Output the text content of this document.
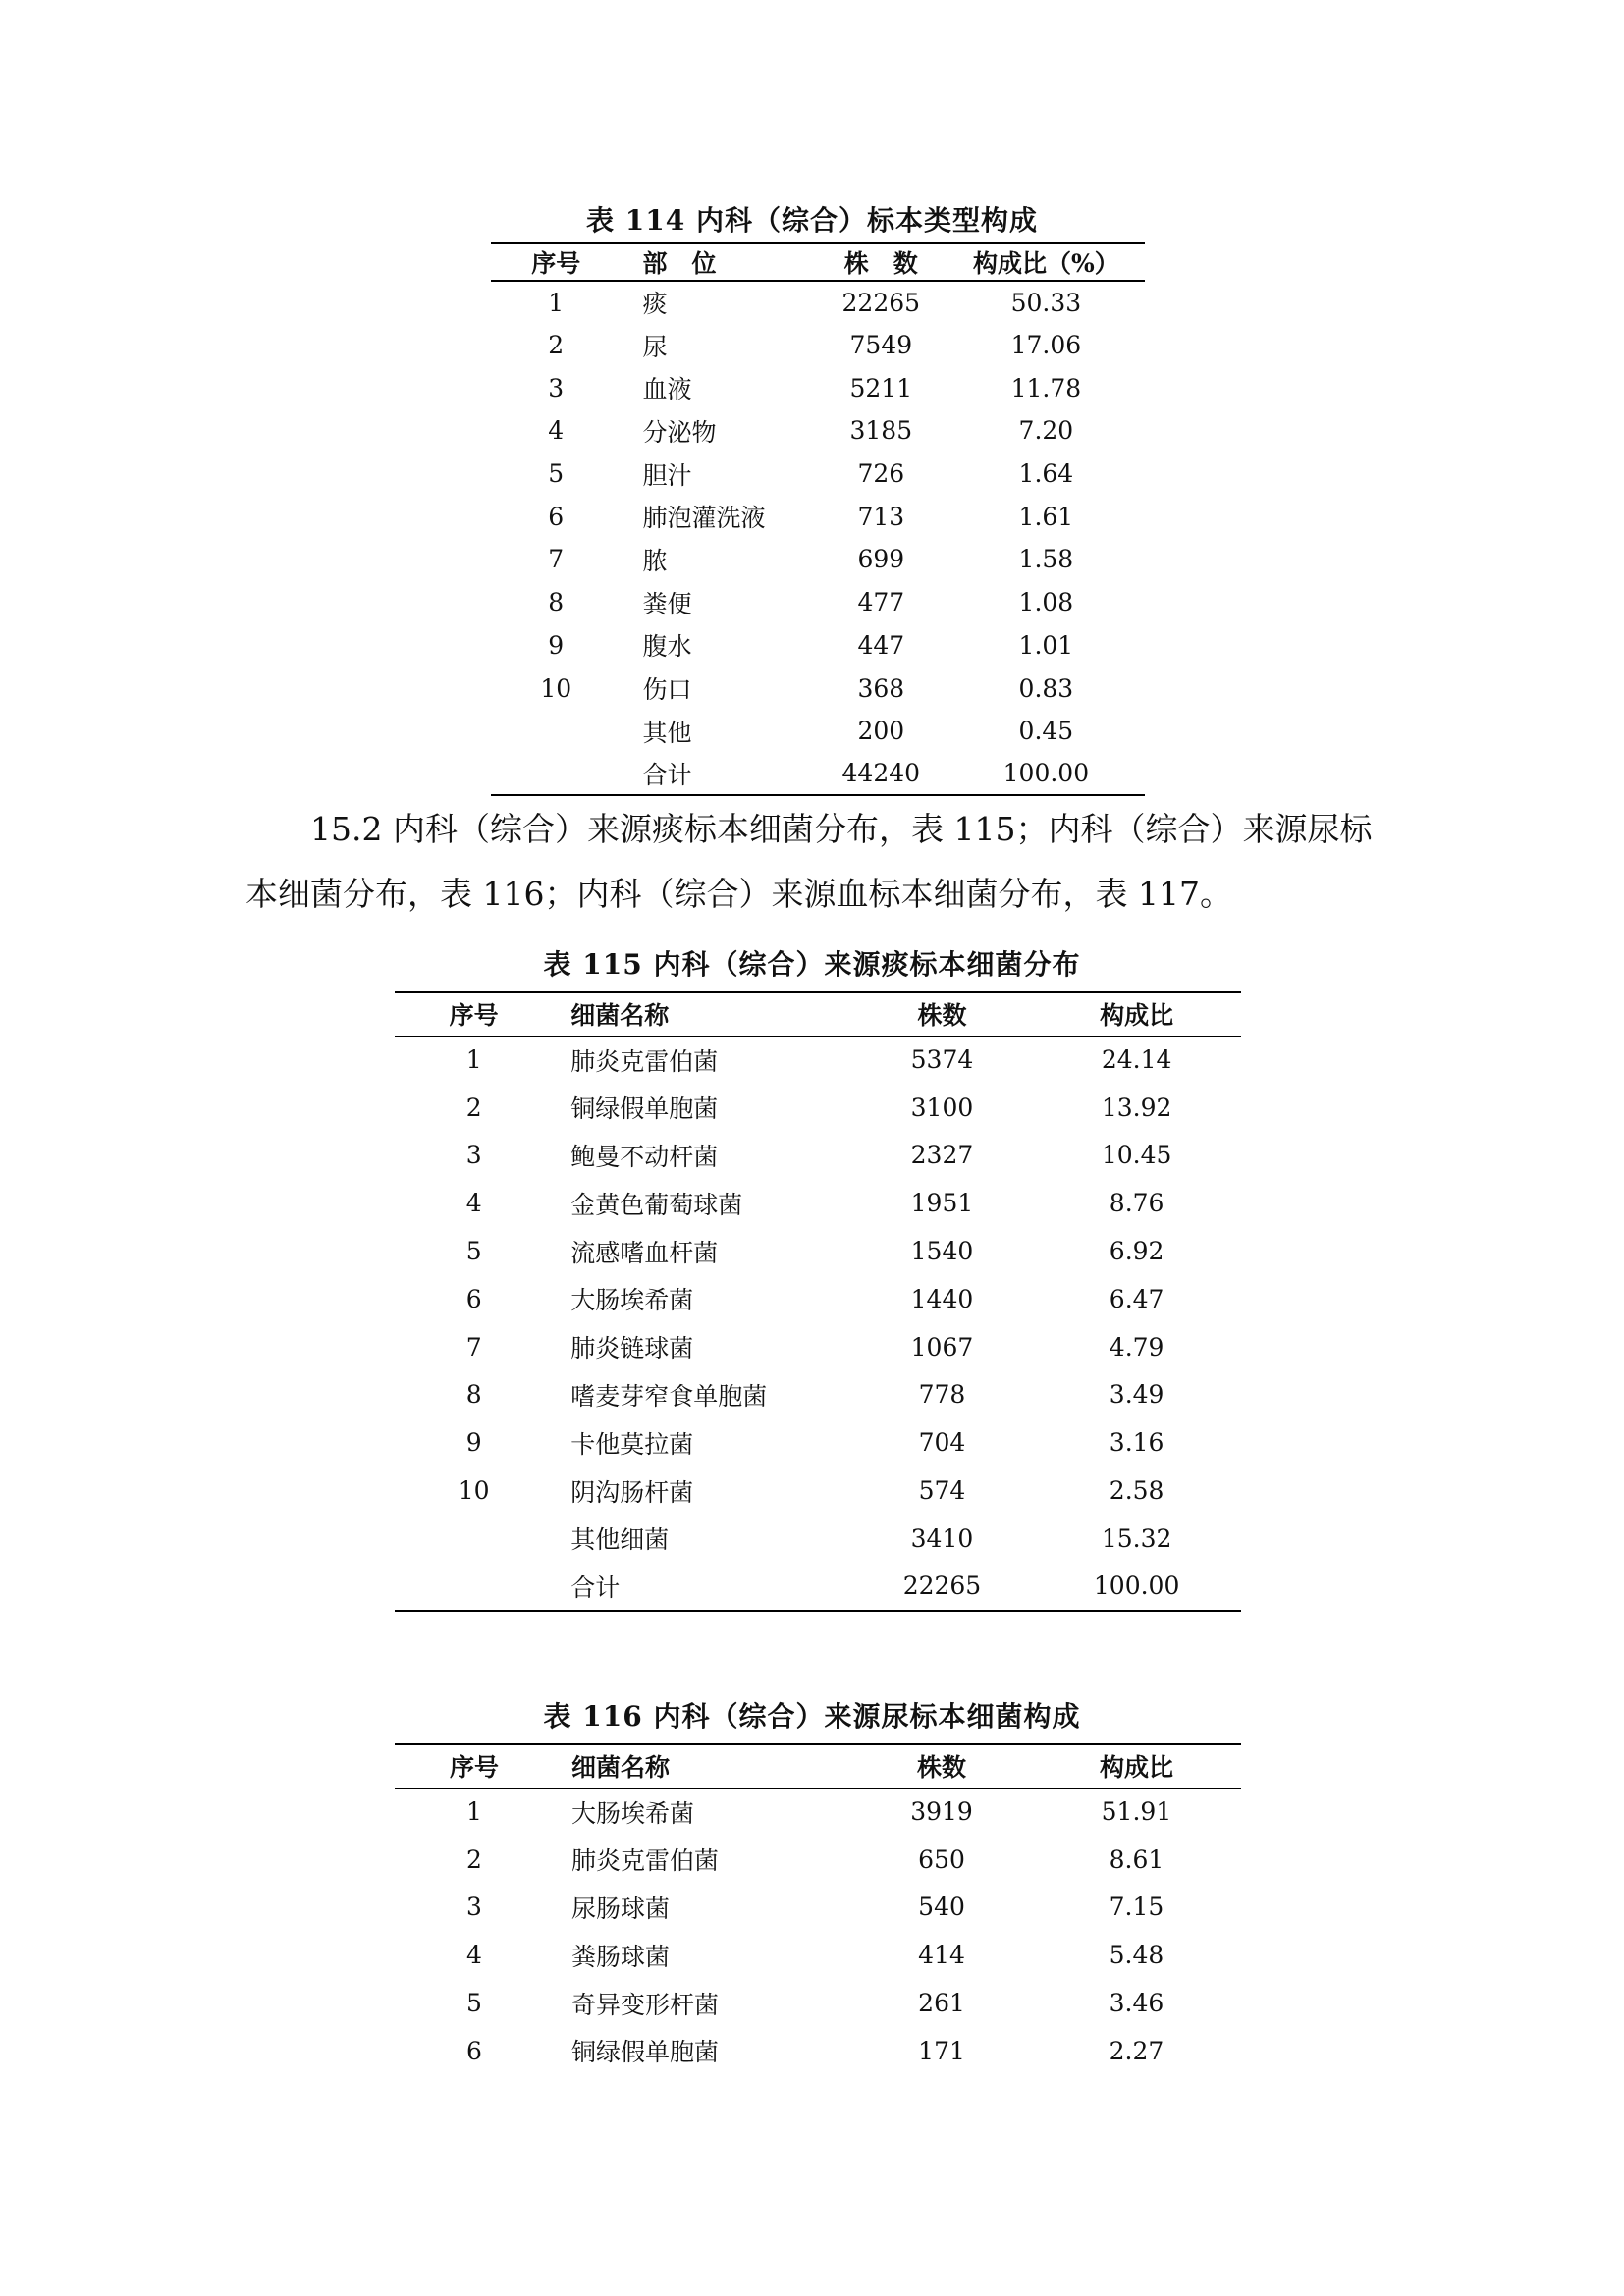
表 114 内科（综合）标本类型构成
序号	部　位	株　数	构成比（%）
1	痰	22265	50.33
2	尿	7549	17.06
3	血液	5211	11.78
4	分泌物	3185	7.20
5	胆汁	726	1.64
6	肺泡灌洗液	713	1.61
7	脓	699	1.58
8	粪便	477	1.08
9	腹水	447	1.01
10	伤口	368	0.83
	其他	200	0.45
	合计	44240	100.00

15.2 内科（综合）来源痰标本细菌分布，表 115；内科（综合）来源尿标本细菌分布，表 116；内科（综合）来源血标本细菌分布，表 117。

表 115 内科（综合）来源痰标本细菌分布
序号	细菌名称	株数	构成比
1	肺炎克雷伯菌	5374	24.14
2	铜绿假单胞菌	3100	13.92
3	鲍曼不动杆菌	2327	10.45
4	金黄色葡萄球菌	1951	8.76
5	流感嗜血杆菌	1540	6.92
6	大肠埃希菌	1440	6.47
7	肺炎链球菌	1067	4.79
8	嗜麦芽窄食单胞菌	778	3.49
9	卡他莫拉菌	704	3.16
10	阴沟肠杆菌	574	2.58
	其他细菌	3410	15.32
	合计	22265	100.00
表 116 内科（综合）来源尿标本细菌构成
序号	细菌名称	株数	构成比
1	大肠埃希菌	3919	51.91
2	肺炎克雷伯菌	650	8.61
3	尿肠球菌	540	7.15
4	粪肠球菌	414	5.48
5	奇异变形杆菌	261	3.46
6	铜绿假单胞菌	171	2.27
